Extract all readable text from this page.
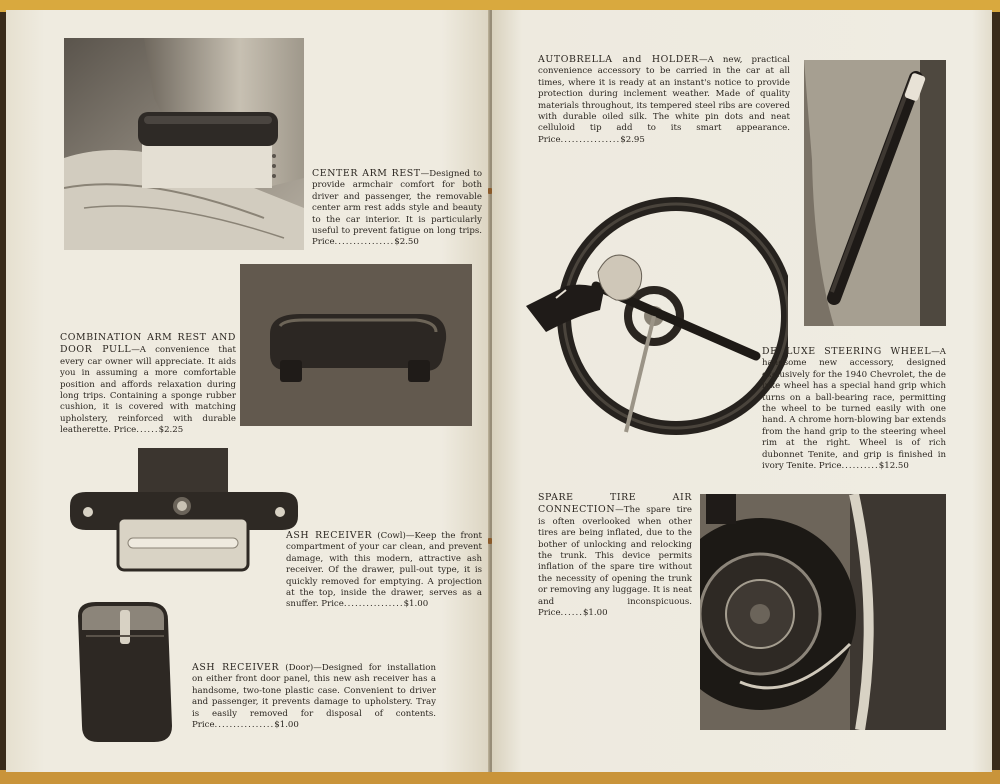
CENTER ARM REST—Designed to provide armchair comfort for both driver and passenger, the removable center arm rest adds style and beauty to the car interior. It is particularly useful to prevent fatigue on long trips. Price................$2.50
COMBINATION ARM REST AND DOOR PULL—A convenience that every car owner will appreciate. It aids you in assuming a more comfortable position and affords relaxation during long trips. Containing a sponge rubber cushion, it is covered with matching upholstery, reinforced with durable leatherette. Price......$2.25
ASH RECEIVER (Cowl)—Keep the front compartment of your car clean, and prevent damage, with this modern, attractive ash receiver. Of the drawer, pull-out type, it is quickly removed for emptying. A projection at the top, inside the drawer, serves as a snuffer. Price................$1.00
ASH RECEIVER (Door)—Designed for installation on either front door panel, this new ash receiver has a handsome, two-tone plastic case. Convenient to driver and passenger, it prevents damage to upholstery. Tray is easily removed for disposal of contents. Price................$1.00
AUTOBRELLA and HOLDER—A new, practical convenience accessory to be carried in the car at all times, where it is ready at an instant's notice to provide protection during inclement weather. Made of quality materials throughout, its tempered steel ribs are covered with durable oiled silk. The white pin dots and neat celluloid tip add to its smart appearance. Price................$2.95
DE LUXE STEERING WHEEL—A handsome new accessory, designed exclusively for the 1940 Chevrolet, the de luxe wheel has a special hand grip which turns on a ball-bearing race, permitting the wheel to be turned easily with one hand. A chrome horn-blowing bar extends from the hand grip to the steering wheel rim at the right. Wheel is of rich dubonnet Tenite, and grip is finished in ivory Tenite. Price..........$12.50
SPARE TIRE AIR CONNECTION—The spare tire is often overlooked when other tires are being inflated, due to the bother of unlocking and relocking the trunk. This device permits inflation of the spare tire without the necessity of opening the trunk or removing any luggage. It is neat and inconspicuous. Price......$1.00
